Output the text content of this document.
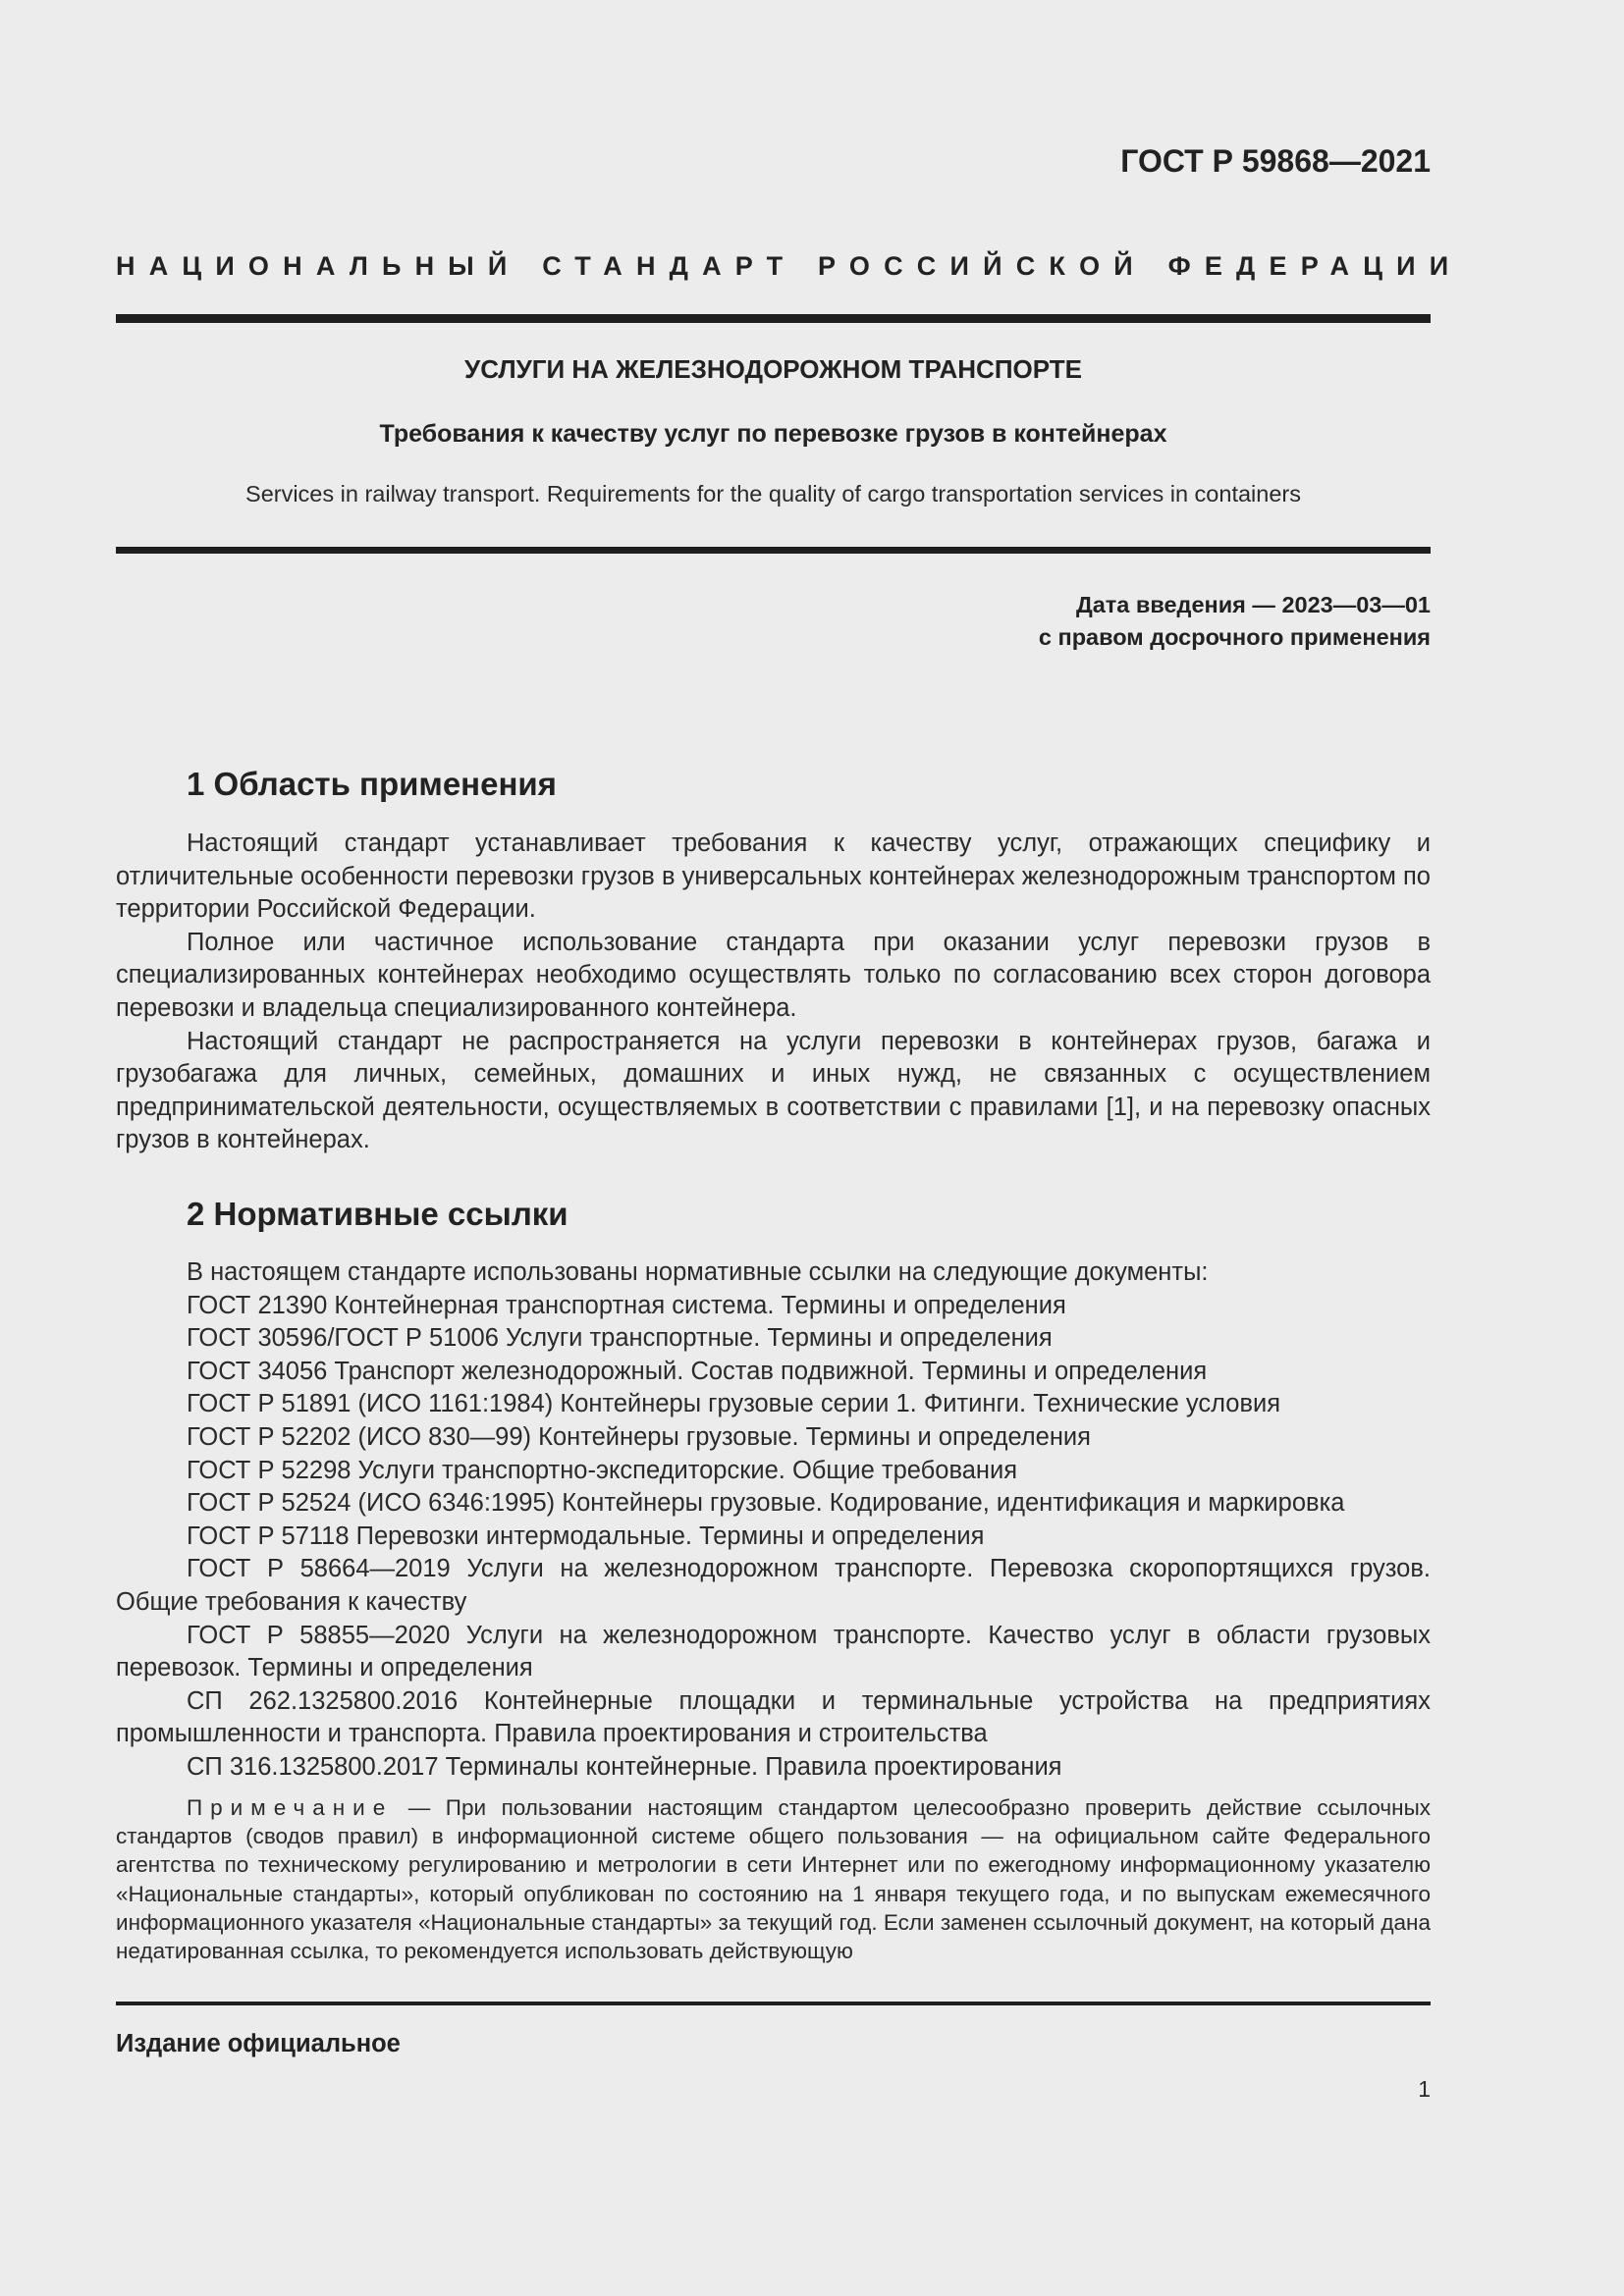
ГОСТ Р 59868—2021
НАЦИОНАЛЬНЫЙ СТАНДАРТ РОССИЙСКОЙ ФЕДЕРАЦИИ
УСЛУГИ НА ЖЕЛЕЗНОДОРОЖНОМ ТРАНСПОРТЕ
Требования к качеству услуг по перевозке грузов в контейнерах
Services in railway transport. Requirements for the quality of cargo transportation services in containers
Дата введения — 2023—03—01
с правом досрочного применения
1 Область применения

Настоящий стандарт устанавливает требования к качеству услуг, отражающих специфику и отличительные особенности перевозки грузов в универсальных контейнерах железнодорожным транспортом по территории Российской Федерации.

Полное или частичное использование стандарта при оказании услуг перевозки грузов в специализированных контейнерах необходимо осуществлять только по согласованию всех сторон договора перевозки и владельца специализированного контейнера.

Настоящий стандарт не распространяется на услуги перевозки в контейнерах грузов, багажа и грузобагажа для личных, семейных, домашних и иных нужд, не связанных с осуществлением предпринимательской деятельности, осуществляемых в соответствии с правилами [1], и на перевозку опасных грузов в контейнерах.

2 Нормативные ссылки

В настоящем стандарте использованы нормативные ссылки на следующие документы:

ГОСТ 21390 Контейнерная транспортная система. Термины и определения

ГОСТ 30596/ГОСТ Р 51006 Услуги транспортные. Термины и определения

ГОСТ 34056 Транспорт железнодорожный. Состав подвижной. Термины и определения

ГОСТ Р 51891 (ИСО 1161:1984) Контейнеры грузовые серии 1. Фитинги. Технические условия

ГОСТ Р 52202 (ИСО 830—99) Контейнеры грузовые. Термины и определения

ГОСТ Р 52298 Услуги транспортно-экспедиторские. Общие требования

ГОСТ Р 52524 (ИСО 6346:1995) Контейнеры грузовые. Кодирование, идентификация и маркировка

ГОСТ Р 57118 Перевозки интермодальные. Термины и определения

ГОСТ Р 58664—2019 Услуги на железнодорожном транспорте. Перевозка скоропортящихся грузов. Общие требования к качеству

ГОСТ Р 58855—2020 Услуги на железнодорожном транспорте. Качество услуг в области грузовых перевозок. Термины и определения

СП 262.1325800.2016 Контейнерные площадки и терминальные устройства на предприятиях промышленности и транспорта. Правила проектирования и строительства

СП 316.1325800.2017 Терминалы контейнерные. Правила проектирования

Примечание — При пользовании настоящим стандартом целесообразно проверить действие ссылочных стандартов (сводов правил) в информационной системе общего пользования — на официальном сайте Федерального агентства по техническому регулированию и метрологии в сети Интернет или по ежегодному информационному указателю «Национальные стандарты», который опубликован по состоянию на 1 января текущего года, и по выпускам ежемесячного информационного указателя «Национальные стандарты» за текущий год. Если заменен ссылочный документ, на который дана недатированная ссылка, то рекомендуется использовать действующую

Издание официальное
1
